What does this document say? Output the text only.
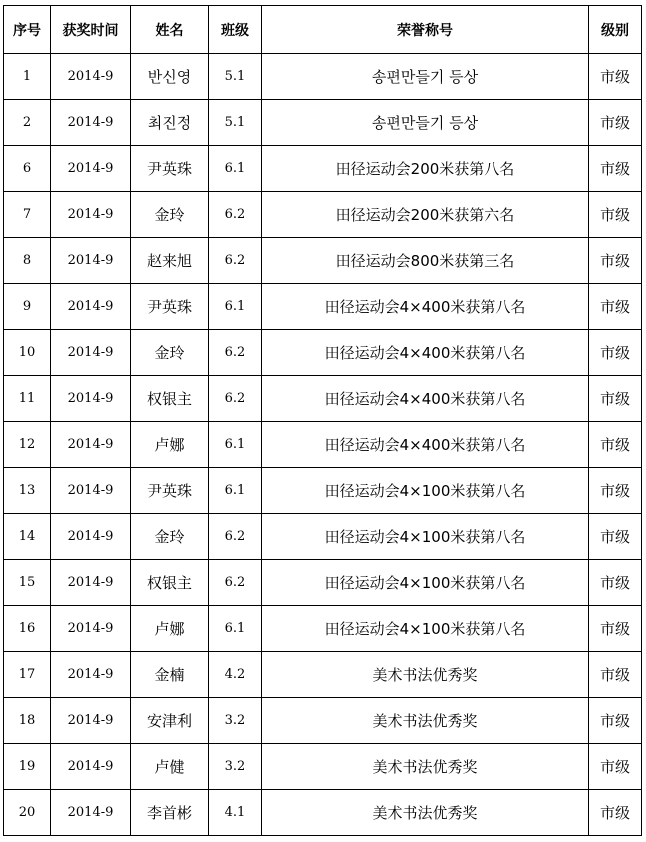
序号	获奖时间	姓名	班级	荣誉称号	级别
1	2014-9	반신영	5.1	송편만들기 등상	市级
2	2014-9	최진정	5.1	송편만들기 등상	市级
6	2014-9	尹英珠	6.1	田径运动会200米获第八名	市级
7	2014-9	金玲	6.2	田径运动会200米获第六名	市级
8	2014-9	赵来旭	6.2	田径运动会800米获第三名	市级
9	2014-9	尹英珠	6.1	田径运动会4×400米获第八名	市级
10	2014-9	金玲	6.2	田径运动会4×400米获第八名	市级
11	2014-9	权银主	6.2	田径运动会4×400米获第八名	市级
12	2014-9	卢娜	6.1	田径运动会4×400米获第八名	市级
13	2014-9	尹英珠	6.1	田径运动会4×100米获第八名	市级
14	2014-9	金玲	6.2	田径运动会4×100米获第八名	市级
15	2014-9	权银主	6.2	田径运动会4×100米获第八名	市级
16	2014-9	卢娜	6.1	田径运动会4×100米获第八名	市级
17	2014-9	金楠	4.2	美术书法优秀奖	市级
18	2014-9	安津利	3.2	美术书法优秀奖	市级
19	2014-9	卢健	3.2	美术书法优秀奖	市级
20	2014-9	李首彬	4.1	美术书法优秀奖	市级
